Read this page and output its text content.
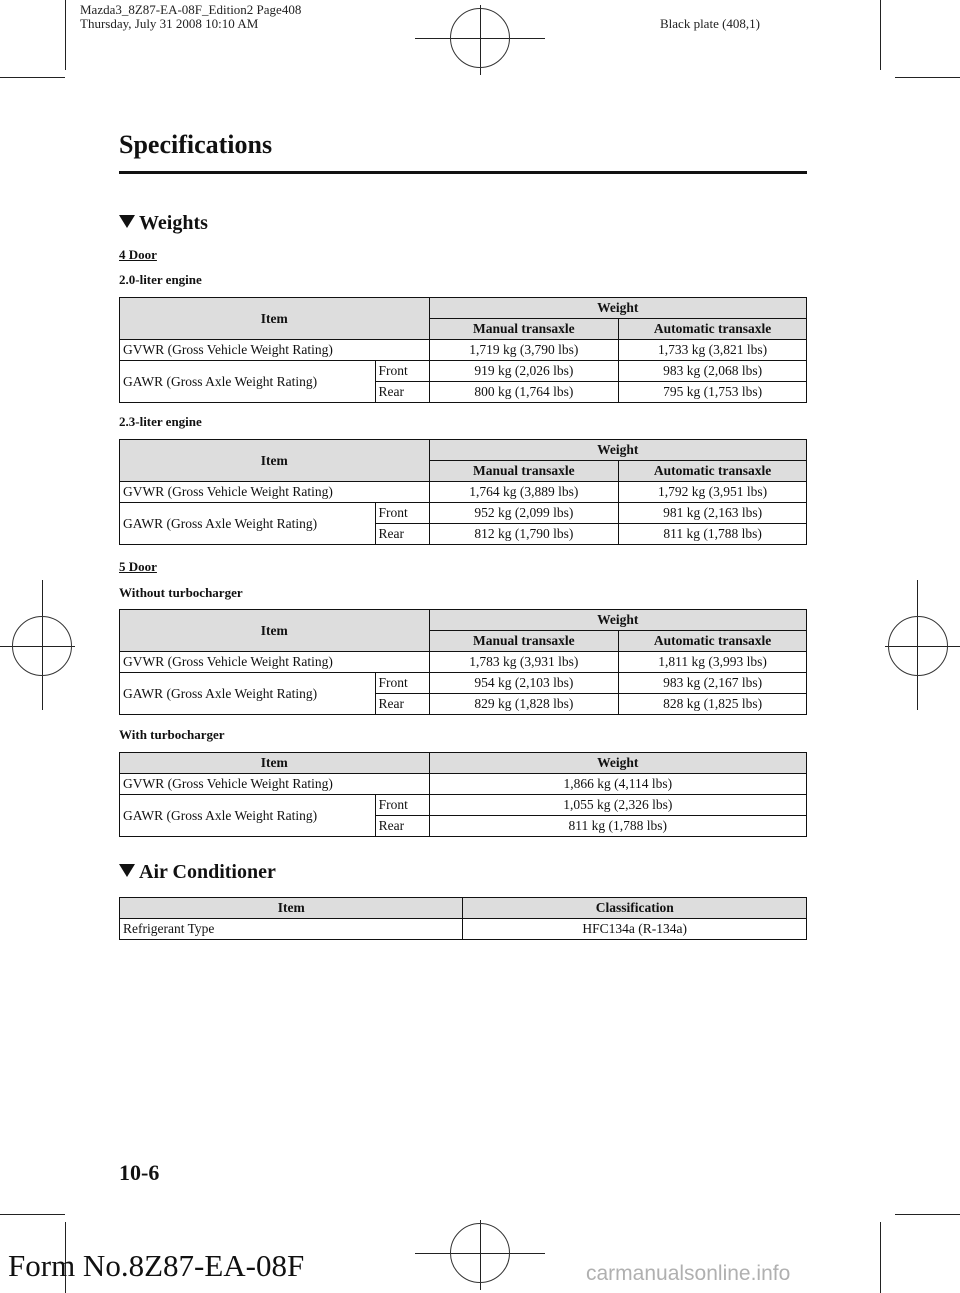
Mazda3_8Z87-EA-08F_Edition2 Page408
Thursday, July 31 2008 10:10 AM	Black plate (408,1)
Specifications
Weights
4 Door
2.0-liter engine
Item		Weight	
		Manual transaxle	Automatic transaxle
GVWR (Gross Vehicle Weight Rating)		1,719 kg (3,790 lbs)	1,733 kg (3,821 lbs)
GAWR (Gross Axle Weight Rating)	Front	919 kg (2,026 lbs)	983 kg (2,068 lbs)
	Rear	800 kg (1,764 lbs)	795 kg (1,753 lbs)
2.3-liter engine
Item		Weight	
		Manual transaxle	Automatic transaxle
GVWR (Gross Vehicle Weight Rating)		1,764 kg (3,889 lbs)	1,792 kg (3,951 lbs)
GAWR (Gross Axle Weight Rating)	Front	952 kg (2,099 lbs)	981 kg (2,163 lbs)
	Rear	812 kg (1,790 lbs)	811 kg (1,788 lbs)
5 Door
Without turbocharger
Item		Weight	
		Manual transaxle	Automatic transaxle
GVWR (Gross Vehicle Weight Rating)		1,783 kg (3,931 lbs)	1,811 kg (3,993 lbs)
GAWR (Gross Axle Weight Rating)	Front	954 kg (2,103 lbs)	983 kg (2,167 lbs)
	Rear	829 kg (1,828 lbs)	828 kg (1,825 lbs)
With turbocharger
Item		Weight
GVWR (Gross Vehicle Weight Rating)		1,866 kg (4,114 lbs)
GAWR (Gross Axle Weight Rating)	Front	1,055 kg (2,326 lbs)
	Rear	811 kg (1,788 lbs)
Air Conditioner
Item	Classification
Refrigerant Type	HFC134a (R-134a)
10-6
Form No.8Z87-EA-08F	carmanualsonline.info
